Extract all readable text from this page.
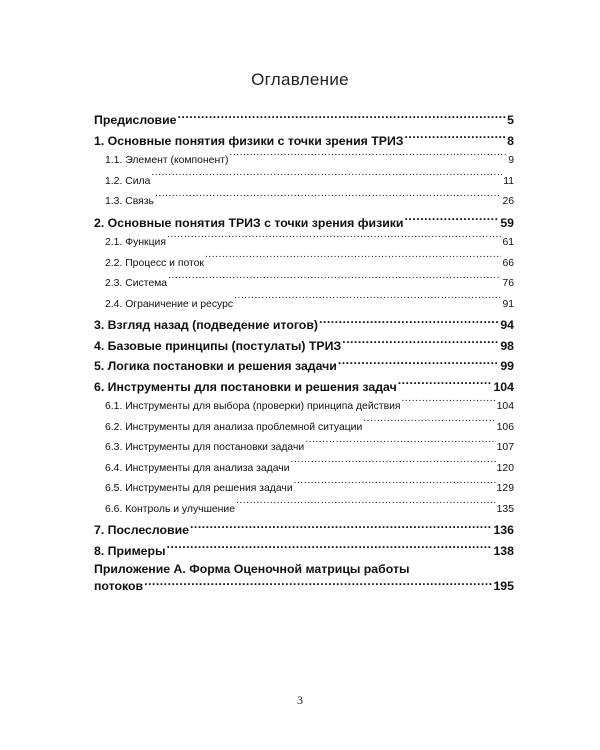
Оглавление
Предисловие .....	5
1. Основные понятия физики с точки зрения ТРИЗ .....	8
1.1. Элемент (компонент) .....	9
1.2. Сила .....	11
1.3. Связь .....	26
2. Основные понятия ТРИЗ с точки зрения физики .....	59
2.1. Функция .....	61
2.2. Процесс и поток .....	66
2.3. Система .....	76
2.4. Ограничение и ресурс .....	91
3. Взгляд назад (подведение итогов) .....	94
4. Базовые принципы (постулаты) ТРИЗ .....	98
5. Логика постановки и решения задачи .....	99
6. Инструменты для постановки и решения задач .....	104
6.1. Инструменты для выбора (проверки) принципа действия .....	104
6.2. Инструменты для анализа проблемной ситуации .....	106
6.3. Инструменты для постановки задачи .....	107
6.4. Инструменты для анализа задачи .....	120
6.5. Инструменты для решения задачи .....	129
6.6. Контроль и улучшение .....	135
7. Послесловие .....	136
8. Примеры .....	138
Приложение А. Форма Оценочной матрицы работы
потоков .....	195
3
